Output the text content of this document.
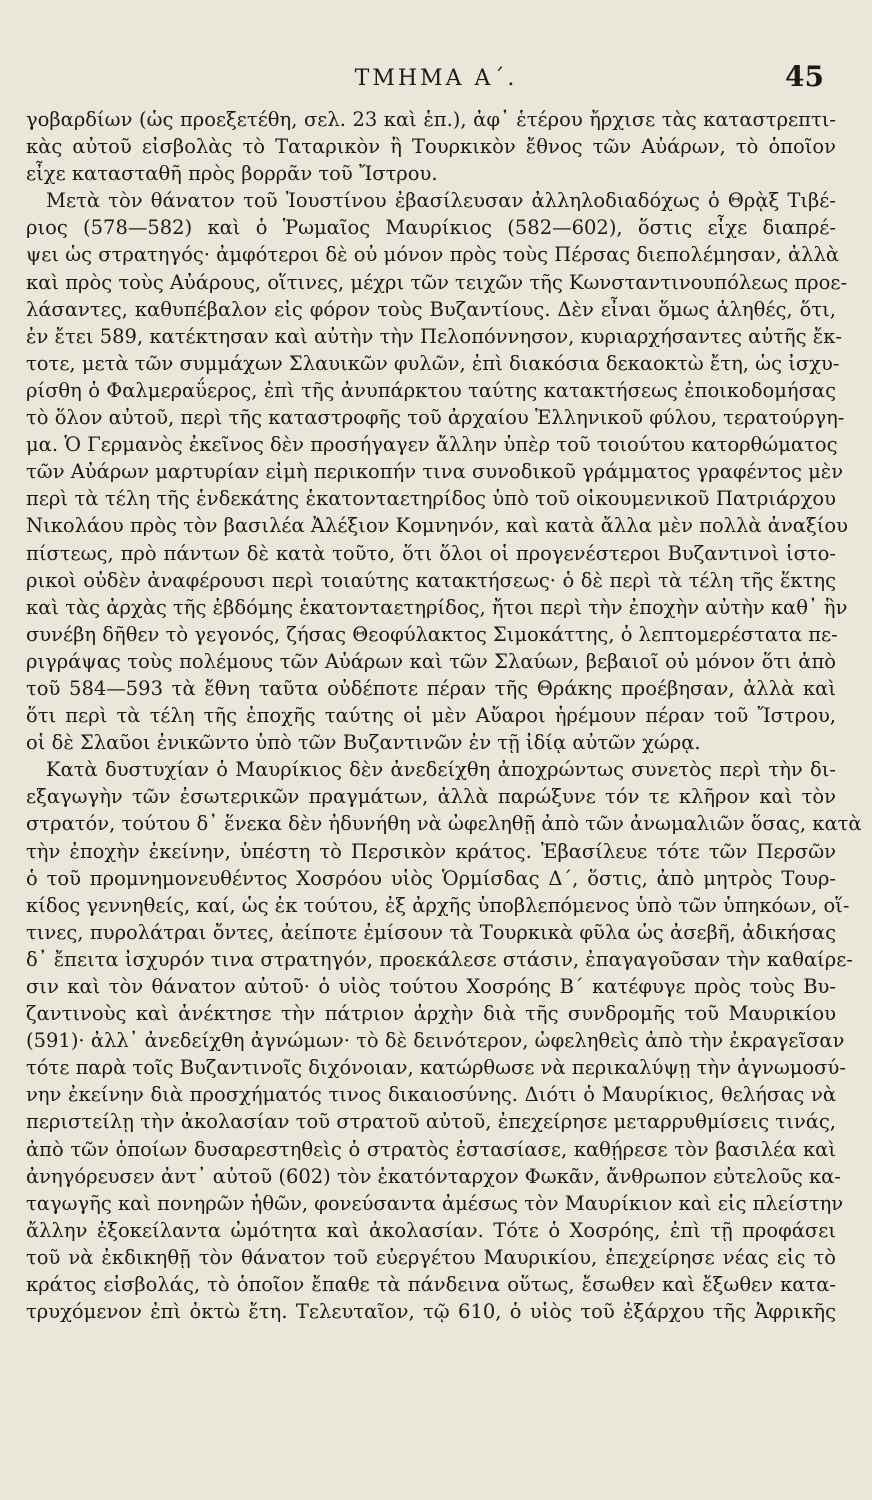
ΤΜΗΜΑ Α΄.	45
γοβαρδίων (ὡς προεξετέθη, σελ. 23 καὶ ἑπ.), ἀφ᾽ ἑτέρου ἤρχισε τὰς καταστρεπτι-
κὰς αὐτοῦ εἰσβολὰς τὸ Ταταρικὸν ἢ Τουρκικὸν ἔθνος τῶν Αὐάρων, τὸ ὁποῖον
εἶχε κατασταθῆ πρὸς βορρᾶν τοῦ Ἴστρου.
Μετὰ τὸν θάνατον τοῦ Ἰουστίνου ἐβασίλευσαν ἀλληλοδιαδόχως ὁ Θρᾲξ Τιβέ-
ριος (578—582) καὶ ὁ Ῥωμαῖος Μαυρίκιος (582—602), ὅστις εἶχε διαπρέ-
ψει ὡς στρατηγός· ἀμφότεροι δὲ οὐ μόνον πρὸς τοὺς Πέρσας διεπολέμησαν, ἀλλὰ
καὶ πρὸς τοὺς Αὐάρους, οἵτινες, μέχρι τῶν τειχῶν τῆς Κωνσταντινουπόλεως προε-
λάσαντες, καθυπέβαλον εἰς φόρον τοὺς Βυζαντίους. Δὲν εἶναι ὅμως ἀληθές, ὅτι,
ἐν ἔτει 589, κατέκτησαν καὶ αὐτὴν τὴν Πελοπόννησον, κυριαρχήσαντες αὐτῆς ἔκ-
τοτε, μετὰ τῶν συμμάχων Σλαυικῶν φυλῶν, ἐπὶ διακόσια δεκαοκτὼ ἔτη, ὡς ἰσχυ-
ρίσθη ὁ Φαλμεραΰερος, ἐπὶ τῆς ἀνυπάρκτου ταύτης κατακτήσεως ἐποικοδομήσας
τὸ ὅλον αὐτοῦ, περὶ τῆς καταστροφῆς τοῦ ἀρχαίου Ἑλληνικοῦ φύλου, τερατούργη-
μα. Ὁ Γερμανὸς ἐκεῖνος δὲν προσήγαγεν ἄλλην ὑπὲρ τοῦ τοιούτου κατορθώματος
τῶν Αὐάρων μαρτυρίαν εἰμὴ περικοπήν τινα συνοδικοῦ γράμματος γραφέντος μὲν
περὶ τὰ τέλη τῆς ἑνδεκάτης ἑκατονταετηρίδος ὑπὸ τοῦ οἰκουμενικοῦ Πατριάρχου
Νικολάου πρὸς τὸν βασιλέα Ἀλέξιον Κομνηνόν, καὶ κατὰ ἄλλα μὲν πολλὰ ἀναξίου
πίστεως, πρὸ πάντων δὲ κατὰ τοῦτο, ὅτι ὅλοι οἱ προγενέστεροι Βυζαντινοὶ ἱστο-
ρικοὶ οὐδὲν ἀναφέρουσι περὶ τοιαύτης κατακτήσεως· ὁ δὲ περὶ τὰ τέλη τῆς ἕκτης
καὶ τὰς ἀρχὰς τῆς ἑβδόμης ἑκατονταετηρίδος, ἤτοι περὶ τὴν ἐποχὴν αὐτὴν καθ᾽ ἣν
συνέβη δῆθεν τὸ γεγονός, ζήσας Θεοφύλακτος Σιμοκάττης, ὁ λεπτομερέστατα πε-
ριγράψας τοὺς πολέμους τῶν Αὐάρων καὶ τῶν Σλαύων, βεβαιοῖ οὐ μόνον ὅτι ἀπὸ
τοῦ 584—593 τὰ ἔθνη ταῦτα οὐδέποτε πέραν τῆς Θράκης προέβησαν, ἀλλὰ καὶ
ὅτι περὶ τὰ τέλη τῆς ἐποχῆς ταύτης οἱ μὲν Αὔαροι ἠρέμουν πέραν τοῦ Ἴστρου,
οἱ δὲ Σλαῦοι ἐνικῶντο ὑπὸ τῶν Βυζαντινῶν ἐν τῇ ἰδίᾳ αὐτῶν χώρᾳ.
Κατὰ δυστυχίαν ὁ Μαυρίκιος δὲν ἀνεδείχθη ἀποχρώντως συνετὸς περὶ τὴν δι-
εξαγωγὴν τῶν ἐσωτερικῶν πραγμάτων, ἀλλὰ παρώξυνε τόν τε κλῆρον καὶ τὸν
στρατόν, τούτου δ᾽ ἕνεκα δὲν ἠδυνήθη νὰ ὠφεληθῇ ἀπὸ τῶν ἀνωμαλιῶν ὅσας, κατὰ
τὴν ἐποχὴν ἐκείνην, ὑπέστη τὸ Περσικὸν κράτος. Ἐβασίλευε τότε τῶν Περσῶν
ὁ τοῦ προμνημονευθέντος Χοσρόου υἱὸς Ὁρμίσδας Δ΄, ὅστις, ἀπὸ μητρὸς Τουρ-
κίδος γεννηθείς, καί, ὡς ἐκ τούτου, ἐξ ἀρχῆς ὑποβλεπόμενος ὑπὸ τῶν ὑπηκόων, οἵ-
τινες, πυρολάτραι ὄντες, ἀείποτε ἐμίσουν τὰ Τουρκικὰ φῦλα ὡς ἀσεβῆ, ἀδικήσας
δ᾽ ἔπειτα ἰσχυρόν τινα στρατηγόν, προεκάλεσε στάσιν, ἐπαγαγοῦσαν τὴν καθαίρε-
σιν καὶ τὸν θάνατον αὐτοῦ· ὁ υἱὸς τούτου Χοσρόης Β΄ κατέφυγε πρὸς τοὺς Βυ-
ζαντινοὺς καὶ ἀνέκτησε τὴν πάτριον ἀρχὴν διὰ τῆς συνδρομῆς τοῦ Μαυρικίου
(591)· ἀλλ᾽ ἀνεδείχθη ἀγνώμων· τὸ δὲ δεινότερον, ὠφεληθεὶς ἀπὸ τὴν ἐκραγεῖσαν
τότε παρὰ τοῖς Βυζαντινοῖς διχόνοιαν, κατώρθωσε νὰ περικαλύψῃ τὴν ἀγνωμοσύ-
νην ἐκείνην διὰ προσχήματός τινος δικαιοσύνης. Διότι ὁ Μαυρίκιος, θελήσας νὰ
περιστείλῃ τὴν ἀκολασίαν τοῦ στρατοῦ αὐτοῦ, ἐπεχείρησε μεταρρυθμίσεις τινάς,
ἀπὸ τῶν ὁποίων δυσαρεστηθεὶς ὁ στρατὸς ἐστασίασε, καθῄρεσε τὸν βασιλέα καὶ
ἀνηγόρευσεν ἀντ᾽ αὐτοῦ (602) τὸν ἑκατόνταρχον Φωκᾶν, ἄνθρωπον εὐτελοῦς κα-
ταγωγῆς καὶ πονηρῶν ἠθῶν, φονεύσαντα ἀμέσως τὸν Μαυρίκιον καὶ εἰς πλείστην
ἄλλην ἐξοκείλαντα ὠμότητα καὶ ἀκολασίαν. Τότε ὁ Χοσρόης, ἐπὶ τῇ προφάσει
τοῦ νὰ ἐκδικηθῇ τὸν θάνατον τοῦ εὐεργέτου Μαυρικίου, ἐπεχείρησε νέας εἰς τὸ
κράτος εἰσβολάς, τὸ ὁποῖον ἔπαθε τὰ πάνδεινα οὕτως, ἔσωθεν καὶ ἔξωθεν κατα-
τρυχόμενον ἐπὶ ὀκτὼ ἔτη. Τελευταῖον, τῷ 610, ὁ υἱὸς τοῦ ἐξάρχου τῆς Ἀφρικῆς
